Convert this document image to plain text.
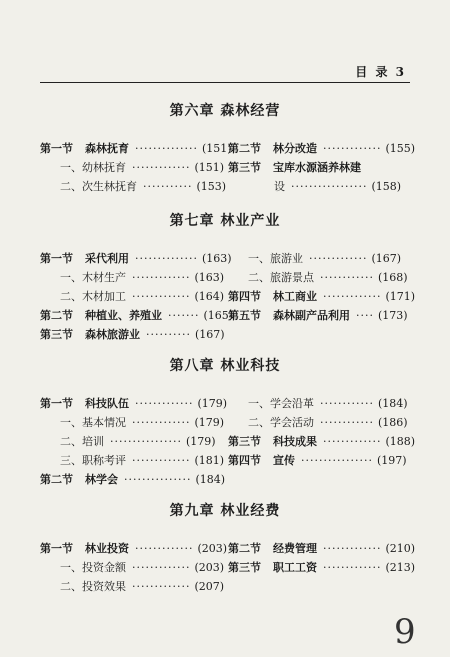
目 录 3
9
第六章 森林经营
第一节 森林抚育 ·············· (151)
一、幼林抚育 ············· (151)
二、次生林抚育 ··········· (153)
第二节 林分改造 ············· (155)
第三节 宝库水源涵养林建
设 ················· (158)
第七章 林业产业
第一节 采代利用 ·············· (163)
一、木材生产 ············· (163)
二、木材加工 ············· (164)
第二节 种植业、养殖业 ······· (165)
第三节 森林旅游业 ·········· (167)
一、旅游业 ············· (167)
二、旅游景点 ············ (168)
第四节 林工商业 ············· (171)
第五节 森林副产品利用 ···· (173)
第八章 林业科技
第一节 科技队伍 ············· (179)
一、基本情况 ············· (179)
二、培训 ················ (179)
三、职称考评 ············· (181)
第二节 林学会 ··············· (184)
一、学会沿革 ············ (184)
二、学会活动 ············ (186)
第三节 科技成果 ············· (188)
第四节 宣传 ················ (197)
第九章 林业经费
第一节 林业投资 ············· (203)
一、投资金额 ············· (203)
二、投资效果 ············· (207)
第二节 经费管理 ············· (210)
第三节 职工工资 ············· (213)
